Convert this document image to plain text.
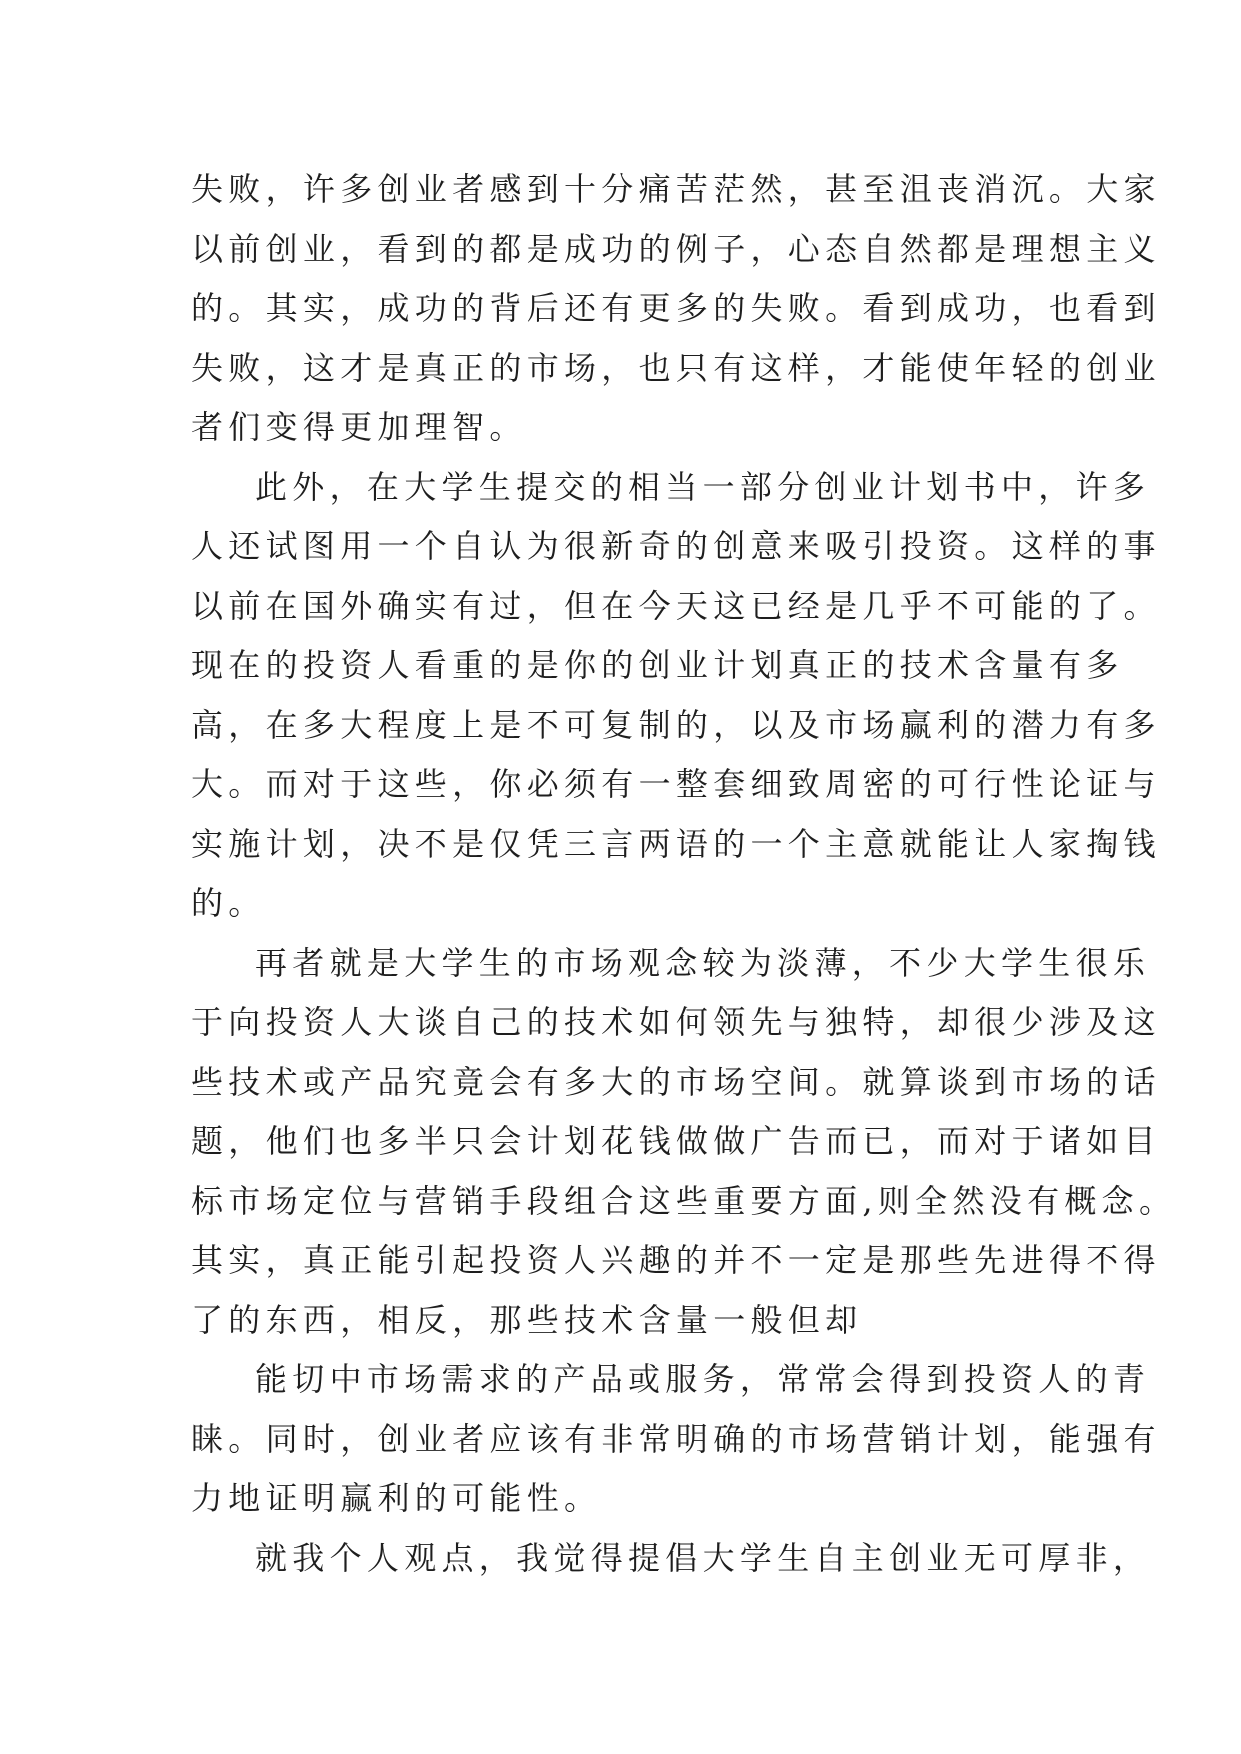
失败，许多创业者感到十分痛苦茫然，甚至沮丧消沉。大家
以前创业，看到的都是成功的例子，心态自然都是理想主义
的。其实，成功的背后还有更多的失败。看到成功，也看到
失败，这才是真正的市场，也只有这样，才能使年轻的创业
者们变得更加理智。
此外，在大学生提交的相当一部分创业计划书中，许多
人还试图用一个自认为很新奇的创意来吸引投资。这样的事
以前在国外确实有过，但在今天这已经是几乎不可能的了。
现在的投资人看重的是你的创业计划真正的技术含量有多
高，在多大程度上是不可复制的，以及市场赢利的潜力有多
大。而对于这些，你必须有一整套细致周密的可行性论证与
实施计划，决不是仅凭三言两语的一个主意就能让人家掏钱
的。
再者就是大学生的市场观念较为淡薄，不少大学生很乐
于向投资人大谈自己的技术如何领先与独特，却很少涉及这
些技术或产品究竟会有多大的市场空间。就算谈到市场的话
题，他们也多半只会计划花钱做做广告而已，而对于诸如目
标市场定位与营销手段组合这些重要方面,则全然没有概念。
其实，真正能引起投资人兴趣的并不一定是那些先进得不得
了的东西，相反，那些技术含量一般但却
能切中市场需求的产品或服务，常常会得到投资人的青
睐。同时，创业者应该有非常明确的市场营销计划，能强有
力地证明赢利的可能性。
就我个人观点，我觉得提倡大学生自主创业无可厚非，
